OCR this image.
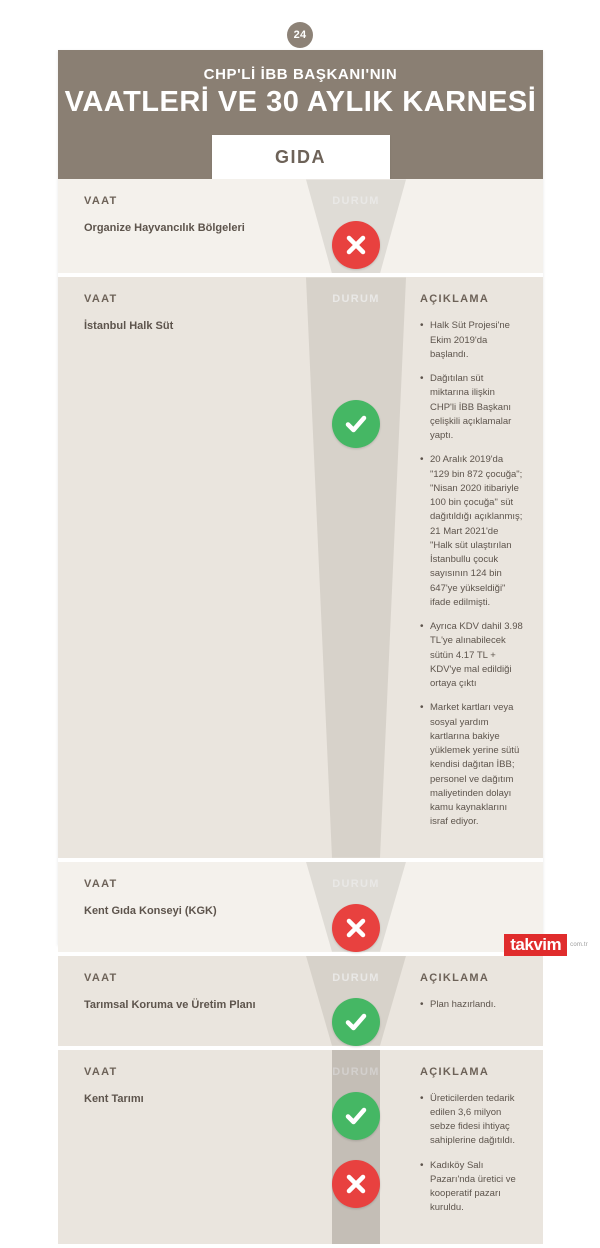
24
CHP'Lİ İBB BAŞKANI'NIN
VAATLERİ VE 30 AYLIK KARNESİ
GIDA
VAAT
Organize Hayvancılık Bölgeleri
DURUM
VAAT
İstanbul Halk Süt
DURUM	AÇIKLAMA
• Halk Süt Projesi'ne Ekim 2019'da başlandı.
• Dağıtılan süt miktarına ilişkin CHP'li İBB Başkanı çelişkili açıklamalar yaptı.
• 20 Aralık 2019'da "129 bin 872 çocuğa"; "Nisan 2020 itibariyle 100 bin çocuğa" süt dağıtıldığı açıklanmış; 21 Mart 2021'de "Halk süt ulaştırılan İstanbullu çocuk sayısının 124 bin 647'ye yükseldiği" ifade edilmişti.
• Ayrıca KDV dahil 3.98 TL'ye alınabilecek sütün 4.17 TL + KDV'ye mal edildiği ortaya çıktı
• Market kartları veya sosyal yardım kartlarına bakiye yüklemek yerine sütü kendisi dağıtan İBB; personel ve dağıtım maliyetinden dolayı kamu kaynaklarını israf ediyor.
VAAT
Kent Gıda Konseyi (KGK)
DURUM
VAAT
Tarımsal Koruma ve Üretim Planı
DURUM	AÇIKLAMA
• Plan hazırlandı.
VAAT
Kent Tarımı
DURUM	AÇIKLAMA
• Üreticilerden tedarik edilen 3,6 milyon sebze fidesi ihtiyaç sahiplerine dağıtıldı.
• Kadıköy Salı Pazarı'nda üretici ve kooperatif pazarı kuruldu.
takvim	com.tr
